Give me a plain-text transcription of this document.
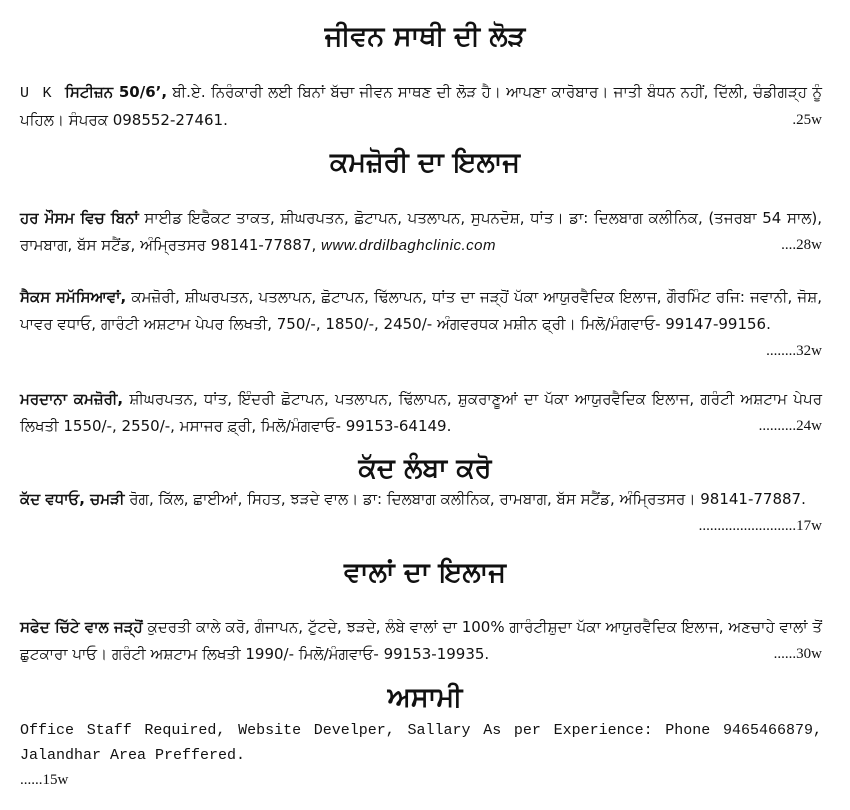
ਜੀਵਨ ਸਾਥੀ ਦੀ ਲੋੜ

U K ਸਿਟੀਜ਼ਨ 50/6’, ਬੀ.ਏ. ਨਿਰੰਕਾਰੀ ਲਈ ਬਿਨਾਂ ਬੱਚਾ ਜੀਵਨ ਸਾਥਣ ਦੀ ਲੋੜ ਹੈ। ਆਪਣਾ ਕਾਰੋਬਾਰ। ਜਾਤੀ ਬੰਧਨ ਨਹੀਂ, ਦਿੱਲੀ, ਚੰਡੀਗੜ੍ਹ ਨੂੰ ਪਹਿਲ। ਸੰਪਰਕ 098552-27461.	.25w

ਕਮਜ਼ੋਰੀ ਦਾ ਇਲਾਜ

ਹਰ ਮੌਸਮ ਵਿਚ ਬਿਨਾਂ ਸਾਈਡ ਇਫੈਕਟ ਤਾਕਤ, ਸ਼ੀਘਰਪਤਨ, ਛੋਟਾਪਨ, ਪਤਲਾਪਨ, ਸੁਪਨਦੋਸ਼, ਧਾਂਤ। ਡਾ: ਦਿਲਬਾਗ ਕਲੀਨਿਕ, (ਤਜਰਬਾ 54 ਸਾਲ), ਰਾਮਬਾਗ, ਬੱਸ ਸਟੈਂਡ, ਅੰਮ੍ਰਿਤਸਰ 98141-77887, www.drdilbaghclinic.com	....28w

ਸੈਕਸ ਸਮੱਸਿਆਵਾਂ, ਕਮਜ਼ੋਰੀ, ਸ਼ੀਘਰਪਤਨ, ਪਤਲਾਪਨ, ਛੋਟਾਪਨ, ਢਿੱਲਾਪਨ, ਧਾਂਤ ਦਾ ਜੜ੍ਹੋਂ ਪੱਕਾ ਆਯੁਰਵੈਦਿਕ ਇਲਾਜ, ਗੌਰਮਿੰਟ ਰਜਿ: ਜਵਾਨੀ, ਜੋਸ਼, ਪਾਵਰ ਵਧਾਓ, ਗਾਰੰਟੀ ਅਸ਼ਟਾਮ ਪੇਪਰ ਲਿਖਤੀ, 750/-, 1850/-, 2450/- ਅੰਗਵਰਧਕ ਮਸ਼ੀਨ ਫ੍ਰੀ। ਮਿਲੋ/ਮੰਗਵਾਓ- 99147-99156.
........32w

ਮਰਦਾਨਾ ਕਮਜ਼ੋਰੀ, ਸ਼ੀਘਰਪਤਨ, ਧਾਂਤ, ਇੰਦਰੀ ਛੋਟਾਪਨ, ਪਤਲਾਪਨ, ਢਿੱਲਾਪਨ, ਸ਼ੁਕਰਾਣੂਆਂ ਦਾ ਪੱਕਾ ਆਯੁਰਵੈਦਿਕ ਇਲਾਜ, ਗਰੰਟੀ ਅਸ਼ਟਾਮ ਪੇਪਰ ਲਿਖਤੀ 1550/-, 2550/-, ਮਸਾਜਰ ਫ਼੍ਰੀ, ਮਿਲੋ/ਮੰਗਵਾਓ- 99153-64149.	..........24w

ਕੱਦ ਲੰਬਾ ਕਰੋ

ਕੱਦ ਵਧਾਓ, ਚਮੜੀ ਰੋਗ, ਕਿੱਲ, ਛਾਈਆਂ, ਸਿਹਤ, ਝੜਦੇ ਵਾਲ। ਡਾ: ਦਿਲਬਾਗ ਕਲੀਨਿਕ, ਰਾਮਬਾਗ, ਬੱਸ ਸਟੈਂਡ, ਅੰਮ੍ਰਿਤਸਰ। 98141-77887.
..........................17w

ਵਾਲਾਂ ਦਾ ਇਲਾਜ

ਸਫੇਦ ਚਿੱਟੇ ਵਾਲ ਜੜ੍ਹੋਂ ਕੁਦਰਤੀ ਕਾਲੇ ਕਰੋ, ਗੰਜਾਪਨ, ਟੁੱਟਦੇ, ਝੜਦੇ, ਲੰਬੇ ਵਾਲਾਂ ਦਾ 100% ਗਾਰੰਟੀਸ਼ੁਦਾ ਪੱਕਾ ਆਯੁਰਵੈਦਿਕ ਇਲਾਜ, ਅਣਚਾਹੇ ਵਾਲਾਂ ਤੋਂ ਛੁਟਕਾਰਾ ਪਾਓ। ਗਰੰਟੀ ਅਸ਼ਟਾਮ ਲਿਖਤੀ 1990/- ਮਿਲੋ/ਮੰਗਵਾਓ- 99153-19935.	......30w

ਅਸਾਮੀ

Office Staff Required, Website Develper, Sallary As per Experience: Phone 9465466879, Jalandhar Area Preffered.

......15w
